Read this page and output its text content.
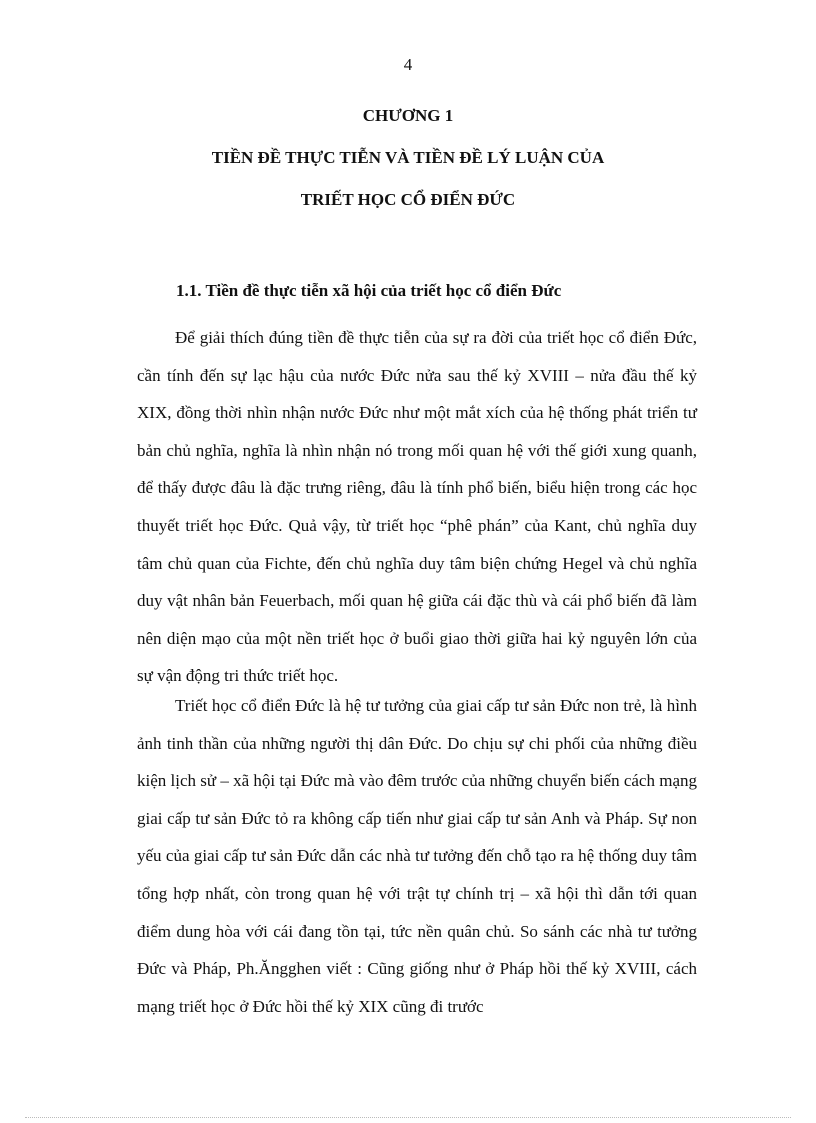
4
CHƯƠNG 1
TIỀN ĐỀ THỰC TIỄN VÀ TIỀN ĐỀ LÝ LUẬN CỦA
TRIẾT HỌC CỔ ĐIỂN ĐỨC
1.1. Tiền đề thực tiễn xã hội của triết học cổ điển Đức

Để giải thích đúng tiền đề thực tiễn của sự ra đời của triết học cổ điển Đức, cần tính đến sự lạc hậu của nước Đức nửa sau thế kỷ XVIII – nửa đầu thế kỷ XIX, đồng thời nhìn nhận nước Đức như một mắt xích của hệ thống phát triển tư bản chủ nghĩa, nghĩa là nhìn nhận nó trong mối quan hệ với thế giới xung quanh, để thấy được đâu là đặc trưng riêng, đâu là tính phổ biến, biểu hiện trong các học thuyết triết học Đức. Quả vậy, từ triết học “phê phán” của Kant, chủ nghĩa duy tâm chủ quan của Fichte, đến chủ nghĩa duy tâm biện chứng Hegel và chủ nghĩa duy vật nhân bản Feuerbach, mối quan hệ giữa cái đặc thù và cái phổ biến đã làm nên diện mạo của một nền triết học ở buổi giao thời giữa hai kỷ nguyên lớn của sự vận động tri thức triết học.

Triết học cổ điển Đức là hệ tư tưởng của giai cấp tư sản Đức non trẻ, là hình ảnh tinh thần của những người thị dân Đức. Do chịu sự chi phối của những điều kiện lịch sử – xã hội tại Đức mà vào đêm trước của những chuyển biến cách mạng giai cấp tư sản Đức tỏ ra không cấp tiến như giai cấp tư sản Anh và Pháp. Sự non yếu của giai cấp tư sản Đức dẫn các nhà tư tưởng đến chỗ tạo ra hệ thống duy tâm tổng hợp nhất, còn trong quan hệ với trật tự chính trị – xã hội thì dẫn tới quan điểm dung hòa với cái đang tồn tại, tức nền quân chủ. So sánh các nhà tư tưởng Đức và Pháp, Ph.Ăngghen viết : Cũng giống như ở Pháp hồi thế kỷ XVIII, cách mạng triết học ở Đức hồi thế kỷ XIX cũng đi trước
